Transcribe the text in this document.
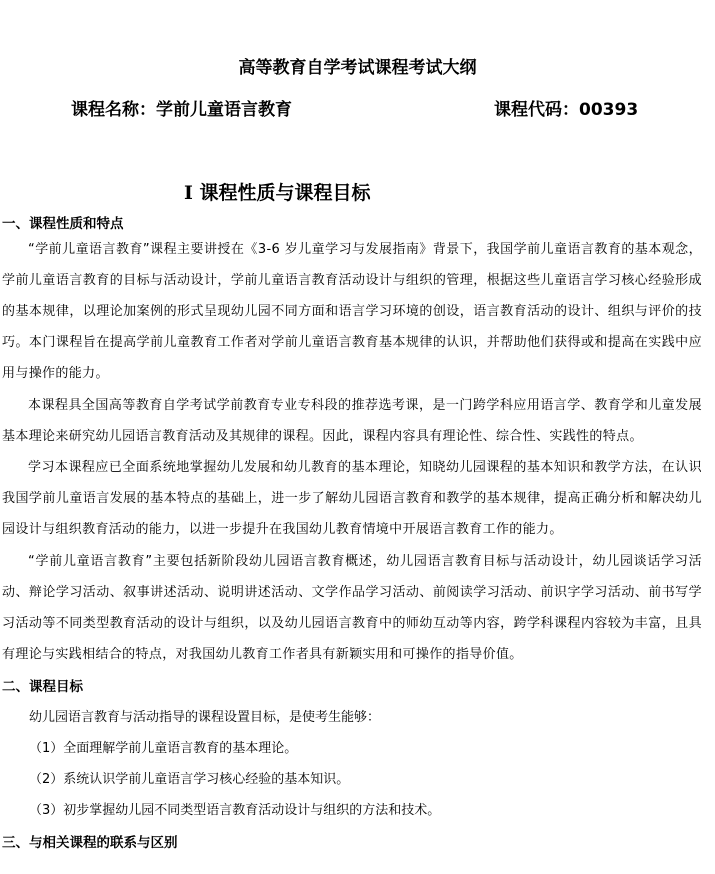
高等教育自学考试课程考试大纲
课程名称：学前儿童语言教育	课程代码：00393
Ⅰ 课程性质与课程目标
一、课程性质和特点

“学前儿童语言教育”课程主要讲授在《3-6 岁儿童学习与发展指南》背景下，我国学前儿童语言教育的基本观念，学前儿童语言教育的目标与活动设计，学前儿童语言教育活动设计与组织的管理，根据这些儿童语言学习核心经验形成的基本规律，以理论加案例的形式呈现幼儿园不同方面和语言学习环境的创设，语言教育活动的设计、组织与评价的技巧。本门课程旨在提高学前儿童教育工作者对学前儿童语言教育基本规律的认识，并帮助他们获得或和提高在实践中应用与操作的能力。

本课程具全国高等教育自学考试学前教育专业专科段的推荐选考课，是一门跨学科应用语言学、教育学和儿童发展基本理论来研究幼儿园语言教育活动及其规律的课程。因此，课程内容具有理论性、综合性、实践性的特点。

学习本课程应已全面系统地掌握幼儿发展和幼儿教育的基本理论，知晓幼儿园课程的基本知识和教学方法，在认识我国学前儿童语言发展的基本特点的基础上，进一步了解幼儿园语言教育和教学的基本规律，提高正确分析和解决幼儿园设计与组织教育活动的能力，以进一步提升在我国幼儿教育情境中开展语言教育工作的能力。

“学前儿童语言教育”主要包括新阶段幼儿园语言教育概述，幼儿园语言教育目标与活动设计，幼儿园谈话学习活动、辩论学习活动、叙事讲述活动、说明讲述活动、文学作品学习活动、前阅读学习活动、前识字学习活动、前书写学习活动等不同类型教育活动的设计与组织，以及幼儿园语言教育中的师幼互动等内容，跨学科课程内容较为丰富，且具有理论与实践相结合的特点，对我国幼儿教育工作者具有新颖实用和可操作的指导价值。

二、课程目标
幼儿园语言教育与活动指导的课程设置目标，是使考生能够：
（1）全面理解学前儿童语言教育的基本理论。
（2）系统认识学前儿童语言学习核心经验的基本知识。
（3）初步掌握幼儿园不同类型语言教育活动设计与组织的方法和技术。
三、与相关课程的联系与区别
